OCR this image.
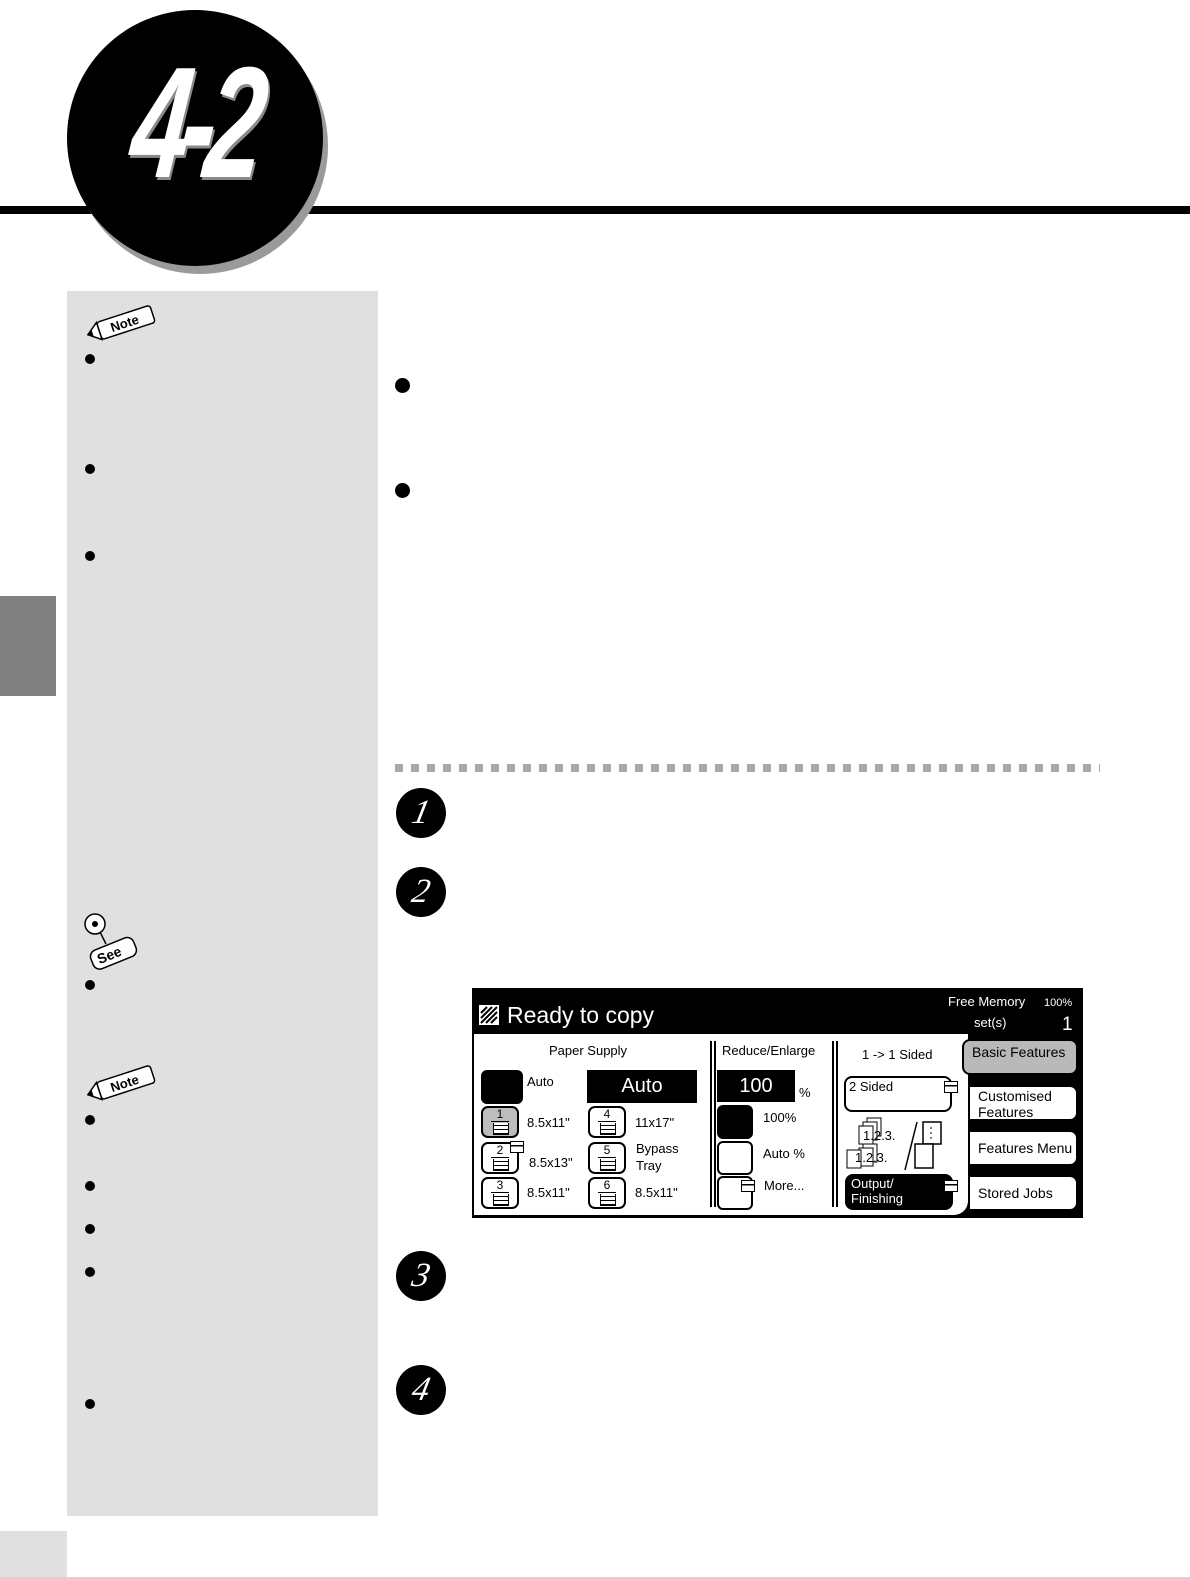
4-2
Note
See
Note
1
2
3
4
Ready to copy
Free Memory 100%
set(s)	1
Paper Supply
Auto	Auto
1
8.5x11"
2
8.5x13"
3	8.5x11"
4
11x17"
5	Bypass Tray
6	8.5x11"
Reduce/Enlarge
100	%
100%
Auto %
More...
1 -> 1 Sided
2 Sided
1.2.3.
1.2.3.
Output/ Finishing
Basic Features
Customised Features
Features Menu
Stored Jobs
